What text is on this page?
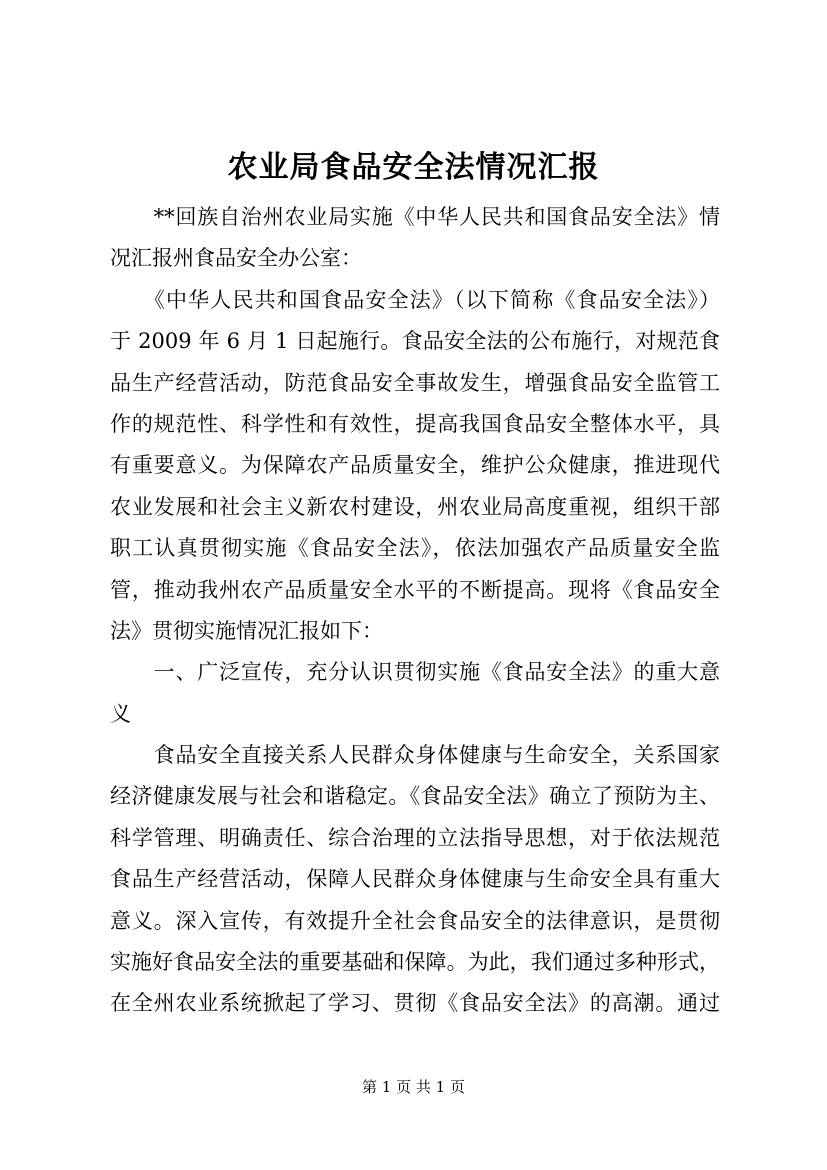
农业局食品安全法情况汇报
　　**回族自治州农业局实施《中华人民共和国食品安全法》情
况汇报州食品安全办公室：
　　《中华人民共和国食品安全法》（以下简称《食品安全法》）
于 2009 年 6 月 1 日起施行。食品安全法的公布施行，对规范食
品生产经营活动，防范食品安全事故发生，增强食品安全监管工
作的规范性、科学性和有效性，提高我国食品安全整体水平，具
有重要意义。为保障农产品质量安全，维护公众健康，推进现代
农业发展和社会主义新农村建设，州农业局高度重视，组织干部
职工认真贯彻实施《食品安全法》，依法加强农产品质量安全监
管，推动我州农产品质量安全水平的不断提高。现将《食品安全
法》贯彻实施情况汇报如下：
　　一、广泛宣传，充分认识贯彻实施《食品安全法》的重大意
义
　　食品安全直接关系人民群众身体健康与生命安全，关系国家
经济健康发展与社会和谐稳定。《食品安全法》确立了预防为主、
科学管理、明确责任、综合治理的立法指导思想，对于依法规范
食品生产经营活动，保障人民群众身体健康与生命安全具有重大
意义。深入宣传，有效提升全社会食品安全的法律意识，是贯彻
实施好食品安全法的重要基础和保障。为此，我们通过多种形式，
在全州农业系统掀起了学习、贯彻《食品安全法》的高潮。通过
第 1 页 共 1 页
